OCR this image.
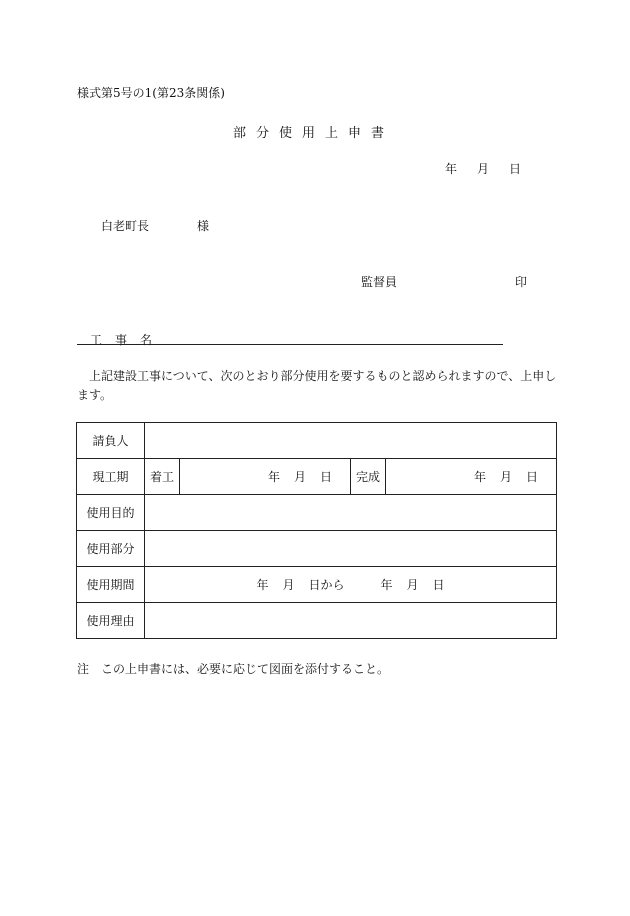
様式第5号の1(第23条関係)
部分使用上申書
年 月 日
白老町長	様
監督員	印
工事名
上記建設工事について、次のとおり部分使用を要するものと認められますので、上申します。
請負人				
現工期	着工	年 月 日	完成	年 月 日
使用目的				
使用部分				
使用期間	年 月 日から 年 月 日			
使用理由				
注　この上申書には、必要に応じて図面を添付すること。
